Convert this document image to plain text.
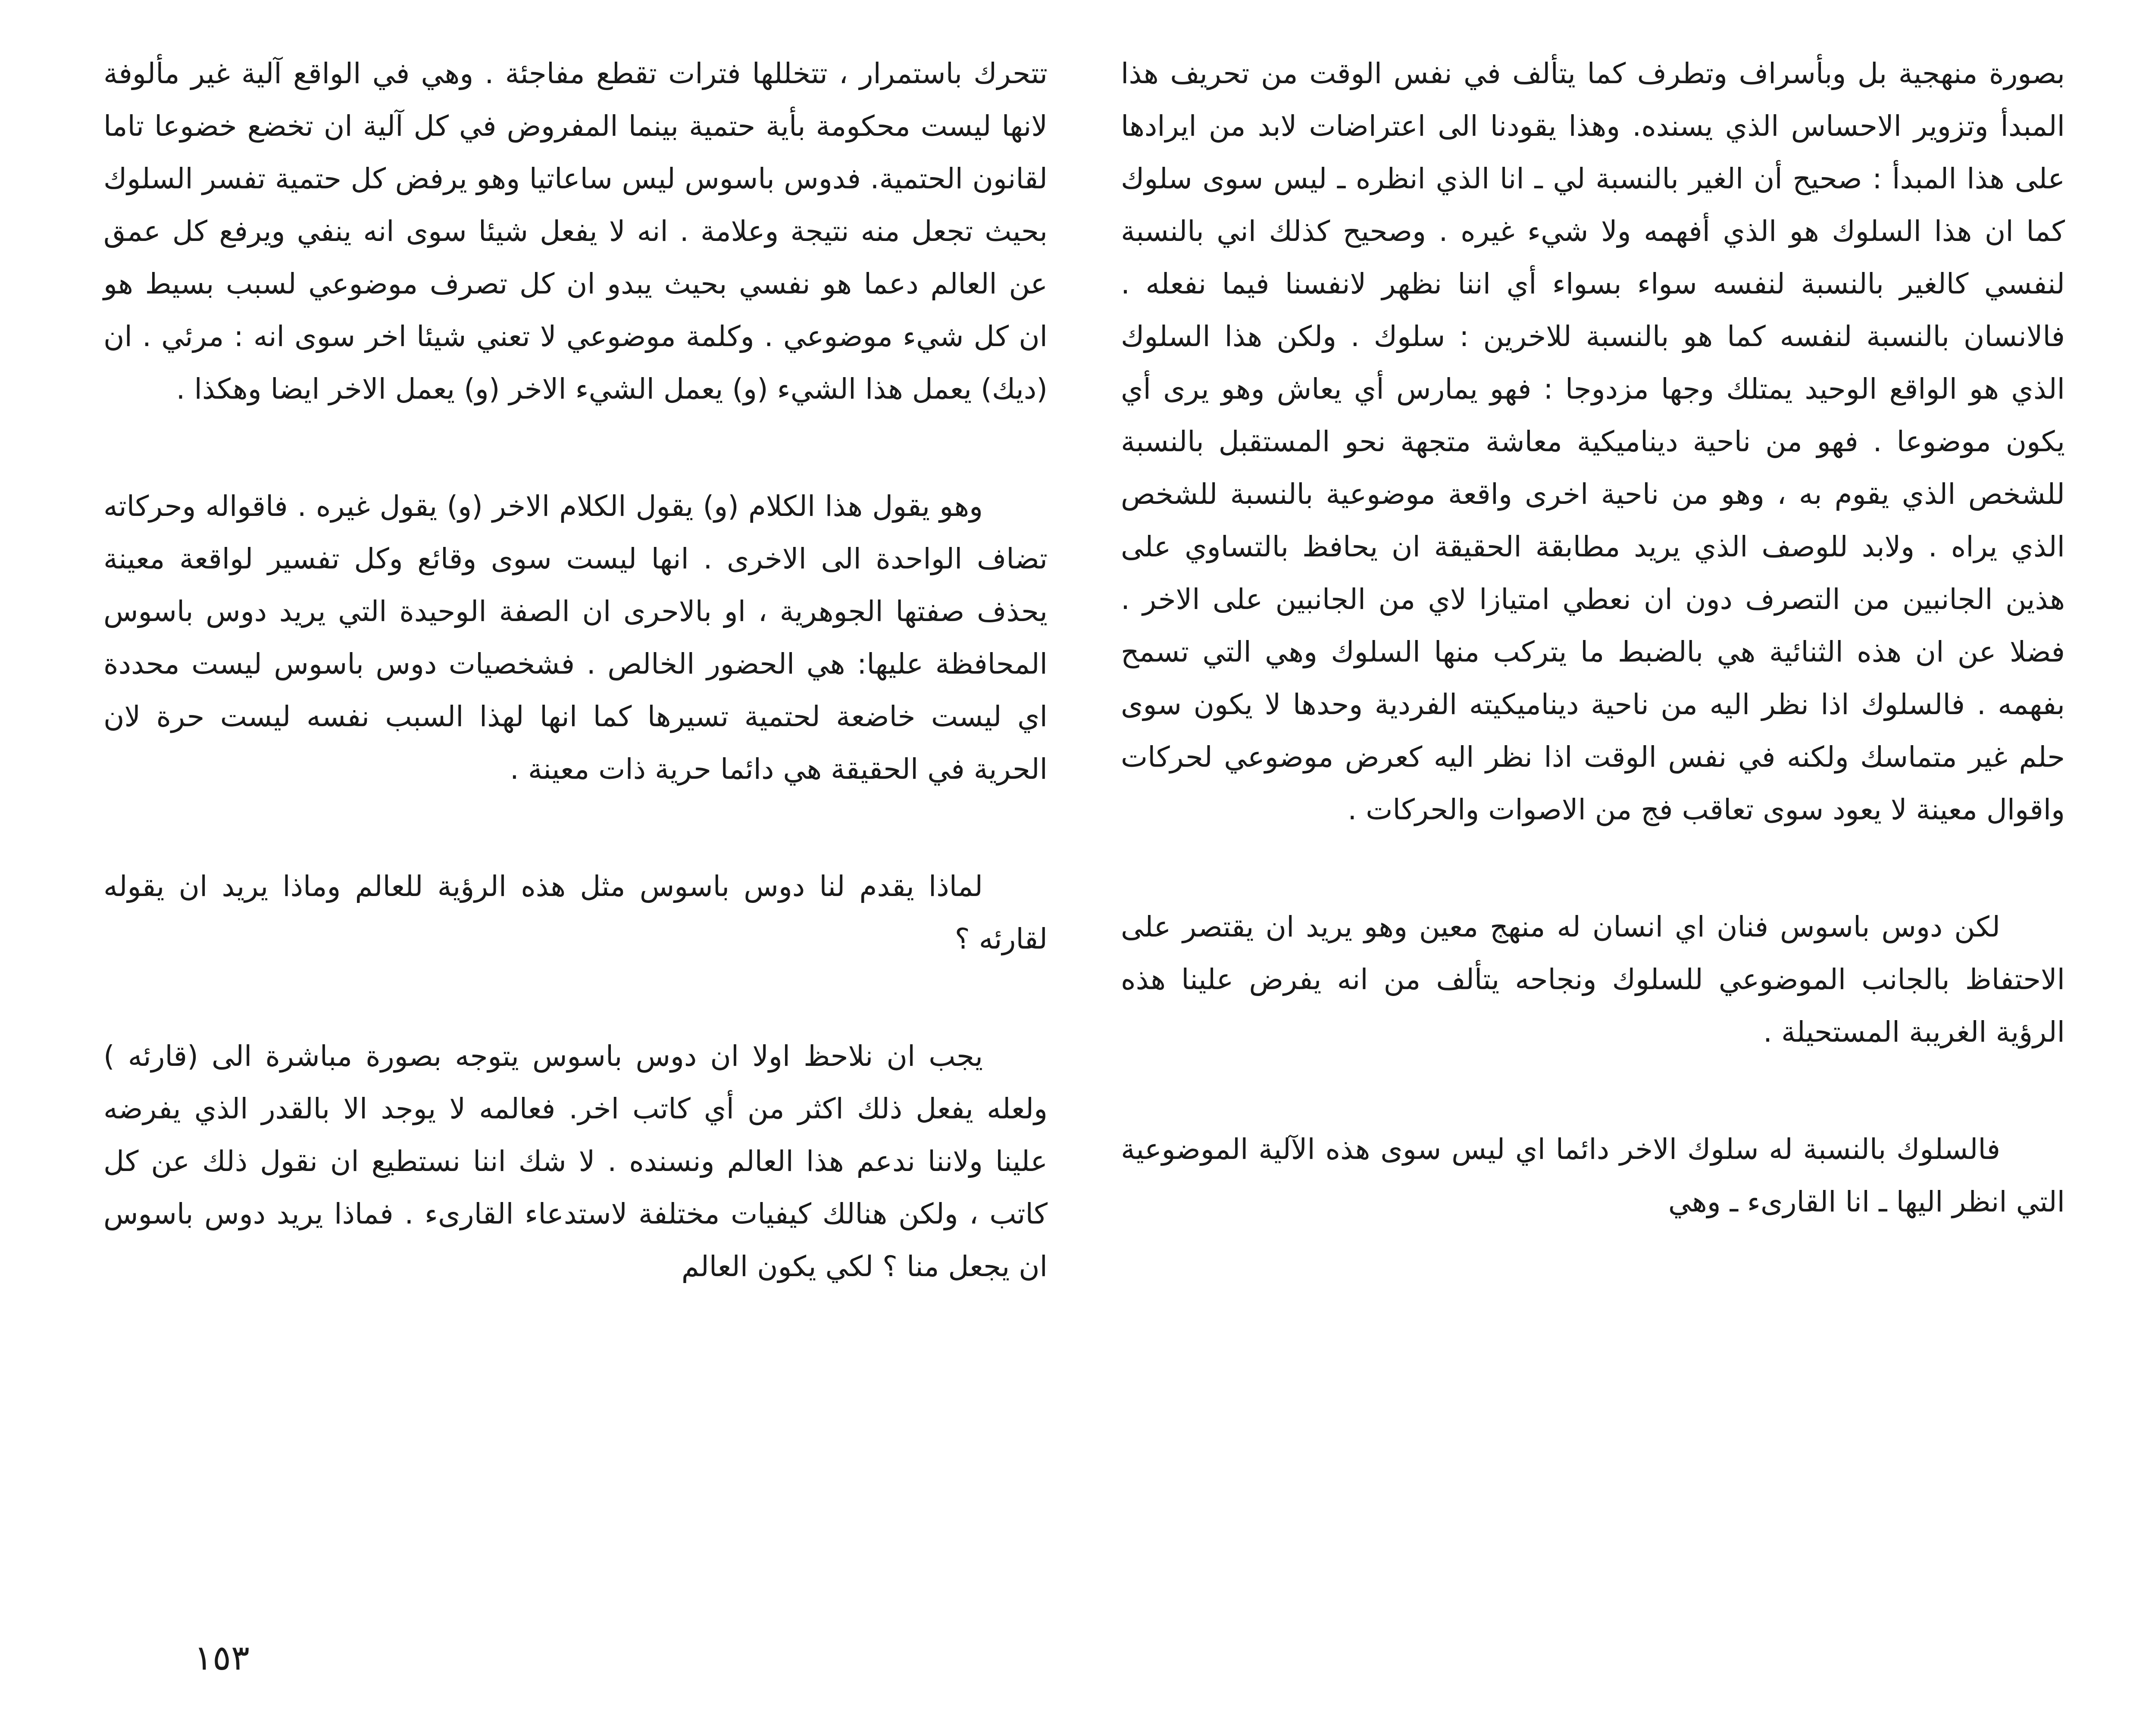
بصورة منهجية بل وبأسراف وتطرف كما يتألف في نفس الوقت من تحريف هذا المبدأ وتزوير الاحساس الذي يسنده. وهذا يقودنا الى اعتراضات لابد من ايرادها على هذا المبدأ : صحيح أن الغير بالنسبة لي ـ انا الذي انظره ـ ليس سوى سلوك كما ان هذا السلوك هو الذي أفهمه ولا شيء غيره . وصحيح كذلك اني بالنسبة لنفسي كالغير بالنسبة لنفسه سواء بسواء أي اننا نظهر لانفسنا فيما نفعله . فالانسان بالنسبة لنفسه كما هو بالنسبة للاخرين : سلوك . ولكن هذا السلوك الذي هو الواقع الوحيد يمتلك وجها مزدوجا : فهو يمارس أي يعاش وهو يرى أي يكون موضوعا . فهو من ناحية ديناميكية معاشة متجهة نحو المستقبل بالنسبة للشخص الذي يقوم به ، وهو من ناحية اخرى واقعة موضوعية بالنسبة للشخص الذي يراه . ولابد للوصف الذي يريد مطابقة الحقيقة ان يحافظ بالتساوي على هذين الجانبين من التصرف دون ان نعطي امتيازا لاي من الجانبين على الاخر . فضلا عن ان هذه الثنائية هي بالضبط ما يتركب منها السلوك وهي التي تسمح بفهمه . فالسلوك اذا نظر اليه من ناحية ديناميكيته الفردية وحدها لا يكون سوى حلم غير متماسك ولكنه في نفس الوقت اذا نظر اليه كعرض موضوعي لحركات واقوال معينة لا يعود سوى تعاقب فج من الاصوات والحركات .

لكن دوس باسوس فنان اي انسان له منهج معين وهو يريد ان يقتصر على الاحتفاظ بالجانب الموضوعي للسلوك ونجاحه يتألف من انه يفرض علينا هذه الرؤية الغريبة المستحيلة .

فالسلوك بالنسبة له سلوك الاخر دائما اي ليس سوى هذه الآلية الموضوعية التي انظر اليها ـ انا القارىء ـ وهي

تتحرك باستمرار ، تتخللها فترات تقطع مفاجئة . وهي في الواقع آلية غير مألوفة لانها ليست محكومة بأية حتمية بينما المفروض في كل آلية ان تخضع خضوعا تاما لقانون الحتمية. فدوس باسوس ليس ساعاتيا وهو يرفض كل حتمية تفسر السلوك بحيث تجعل منه نتيجة وعلامة . انه لا يفعل شيئا سوى انه ينفي ويرفع كل عمق عن العالم دعما هو نفسي بحيث يبدو ان كل تصرف موضوعي لسبب بسيط هو ان كل شيء موضوعي . وكلمة موضوعي لا تعني شيئا اخر سوى انه : مرئي . ان (ديك) يعمل هذا الشيء (و) يعمل الشيء الاخر (و) يعمل الاخر ايضا وهكذا .

وهو يقول هذا الكلام (و) يقول الكلام الاخر (و) يقول غيره . فاقواله وحركاته تضاف الواحدة الى الاخرى . انها ليست سوى وقائع وكل تفسير لواقعة معينة يحذف صفتها الجوهرية ، او بالاحرى ان الصفة الوحيدة التي يريد دوس باسوس المحافظة عليها: هي الحضور الخالص . فشخصيات دوس باسوس ليست محددة اي ليست خاضعة لحتمية تسيرها كما انها لهذا السبب نفسه ليست حرة لان الحرية في الحقيقة هي دائما حرية ذات معينة .

لماذا يقدم لنا دوس باسوس مثل هذه الرؤية للعالم وماذا يريد ان يقوله لقارئه ؟

يجب ان نلاحظ اولا ان دوس باسوس يتوجه بصورة مباشرة الى (قارئه ) ولعله يفعل ذلك اكثر من أي كاتب اخر. فعالمه لا يوجد الا بالقدر الذي يفرضه علينا ولاننا ندعم هذا العالم ونسنده . لا شك اننا نستطيع ان نقول ذلك عن كل كاتب ، ولكن هنالك كيفيات مختلفة لاستدعاء القارىء . فماذا يريد دوس باسوس ان يجعل منا ؟ لكي يكون العالم

١٥٣
